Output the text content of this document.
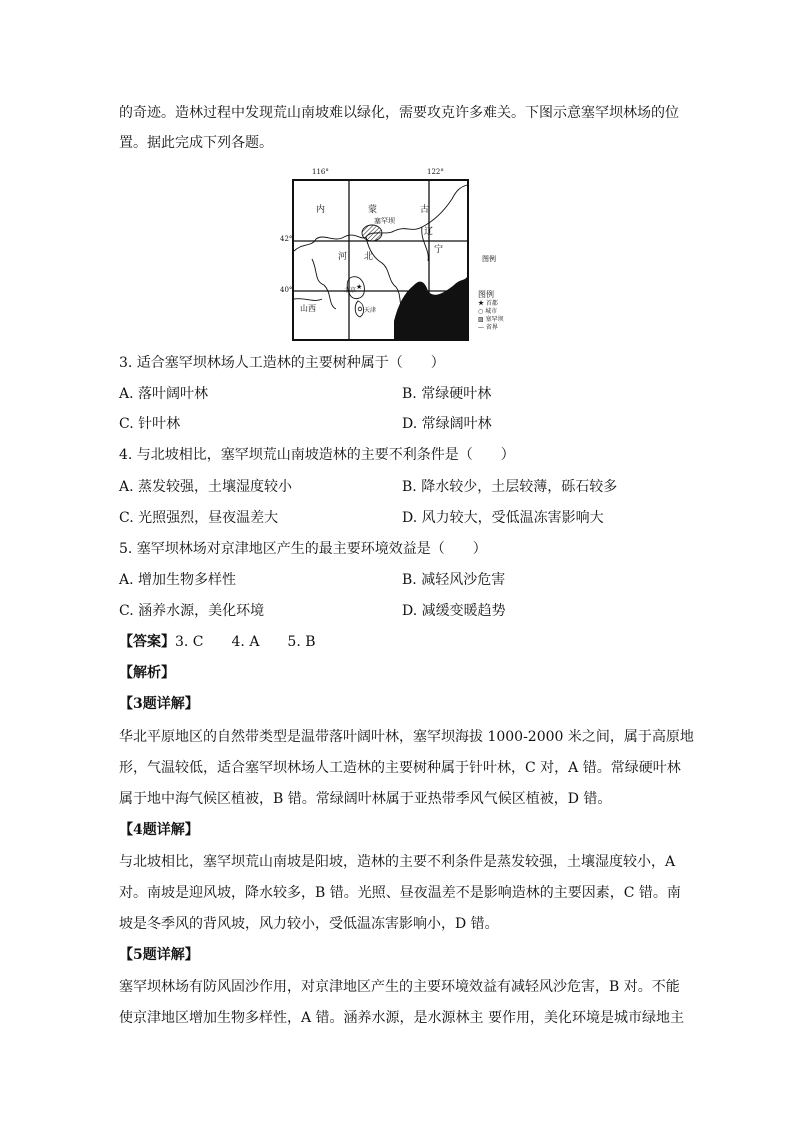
的奇迹。造林过程中发现荒山南坡难以绿化，需要攻克许多难关。下图示意塞罕坝林场的位
置。据此完成下列各题。
116°	122°
42°
40°	★
图例
内	蒙	古
塞罕坝
辽
宁
河 北
山西
北京
天津
图例
★ 首都
○ 城市
▨ 塞罕坝
— 省界
3. 适合塞罕坝林场人工造林的主要树种属于（　　）
A. 落叶阔叶林	B. 常绿硬叶林
C. 针叶林	D. 常绿阔叶林
4. 与北坡相比，塞罕坝荒山南坡造林的主要不利条件是（　　）
A. 蒸发较强，土壤湿度较小	B. 降水较少，土层较薄，砾石较多
C. 光照强烈，昼夜温差大	D. 风力较大，受低温冻害影响大
5. 塞罕坝林场对京津地区产生的最主要环境效益是（　　）
A. 增加生物多样性	B. 减轻风沙危害
C. 涵养水源，美化环境	D. 减缓变暖趋势
【答案】3. C　　4. A　　5. B
【解析】
【3题详解】
华北平原地区的自然带类型是温带落叶阔叶林，塞罕坝海拔 1000-2000 米之间，属于高原地
形，气温较低，适合塞罕坝林场人工造林的主要树种属于针叶林，C 对，A 错。常绿硬叶林
属于地中海气候区植被，B 错。常绿阔叶林属于亚热带季风气候区植被，D 错。
【4题详解】
与北坡相比，塞罕坝荒山南坡是阳坡，造林的主要不利条件是蒸发较强，土壤湿度较小，A
对。南坡是迎风坡，降水较多，B 错。光照、昼夜温差不是影响造林的主要因素，C 错。南
坡是冬季风的背风坡，风力较小，受低温冻害影响小，D 错。
【5题详解】
塞罕坝林场有防风固沙作用，对京津地区产生的主要环境效益有减轻风沙危害，B 对。不能
使京津地区增加生物多样性，A 错。涵养水源，是水源林主 要作用，美化环境是城市绿地主
